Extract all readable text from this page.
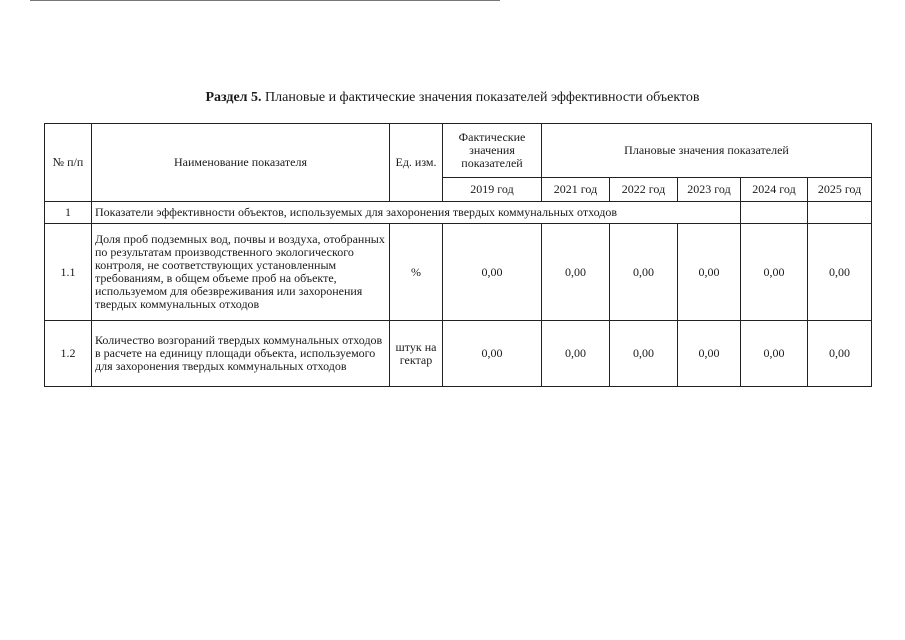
Раздел 5. Плановые и фактические значения показателей эффективности объектов
№ п/п	Наименование показателя	Ед. изм.	Фактические значения показателей	Плановые значения показателей				
			2019 год	2021 год	2022 год	2023 год	2024 год	2025 год
1	Показатели эффективности объектов, используемых для захоронения твердых коммунальных отходов							
1.1	Доля проб подземных вод, почвы и воздуха, отобранных по результатам производственного экологического контроля, не соответствующих установленным требованиям, в общем объеме проб на объекте, используемом для обезвреживания или захоронения твердых коммунальных отходов	%	0,00	0,00	0,00	0,00	0,00	0,00
1.2	Количество возгораний твердых коммунальных отходов в расчете на единицу площади объекта, используемого для захоронения твердых коммунальных отходов	штук на гектар	0,00	0,00	0,00	0,00	0,00	0,00
